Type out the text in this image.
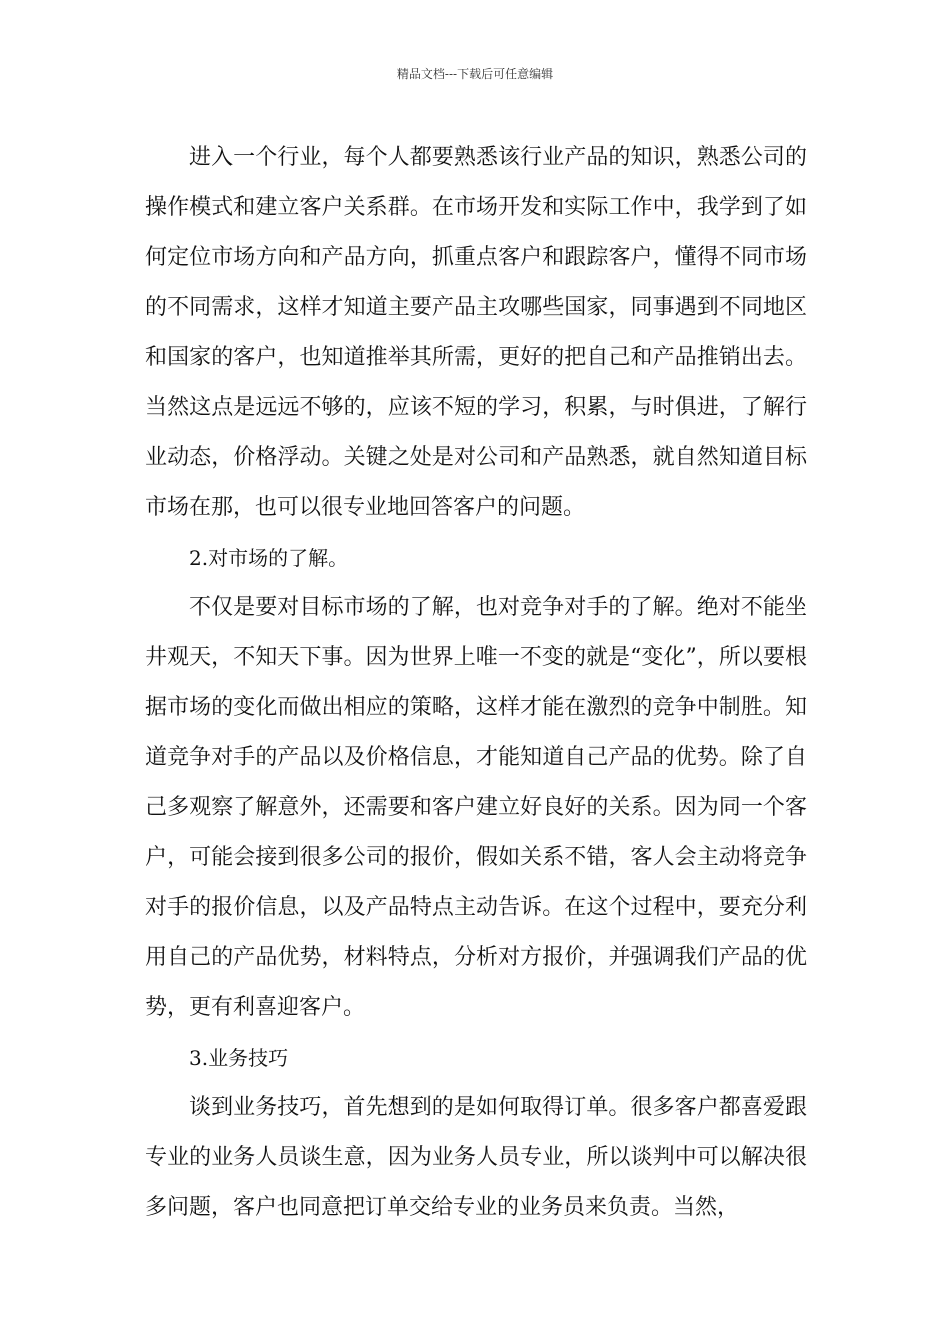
精品文档---下载后可任意编辑

进入一个行业，每个人都要熟悉该行业产品的知识，熟悉公司的操作模式和建立客户关系群。在市场开发和实际工作中，我学到了如何定位市场方向和产品方向，抓重点客户和跟踪客户，懂得不同市场的不同需求，这样才知道主要产品主攻哪些国家，同事遇到不同地区和国家的客户，也知道推举其所需，更好的把自己和产品推销出去。当然这点是远远不够的，应该不短的学习，积累，与时俱进，了解行业动态，价格浮动。关键之处是对公司和产品熟悉，就自然知道目标市场在那，也可以很专业地回答客户的问题。

2.对市场的了解。

不仅是要对目标市场的了解，也对竞争对手的了解。绝对不能坐井观天，不知天下事。因为世界上唯一不变的就是“变化”，所以要根据市场的变化而做出相应的策略，这样才能在激烈的竞争中制胜。知道竞争对手的产品以及价格信息，才能知道自己产品的优势。除了自己多观察了解意外，还需要和客户建立好良好的关系。因为同一个客户，可能会接到很多公司的报价，假如关系不错，客人会主动将竞争对手的报价信息，以及产品特点主动告诉。在这个过程中，要充分利用自己的产品优势，材料特点，分析对方报价，并强调我们产品的优势，更有利喜迎客户。

3.业务技巧

谈到业务技巧，首先想到的是如何取得订单。很多客户都喜爱跟专业的业务人员谈生意，因为业务人员专业，所以谈判中可以解决很多问题，客户也同意把订单交给专业的业务员来负责。当然，
